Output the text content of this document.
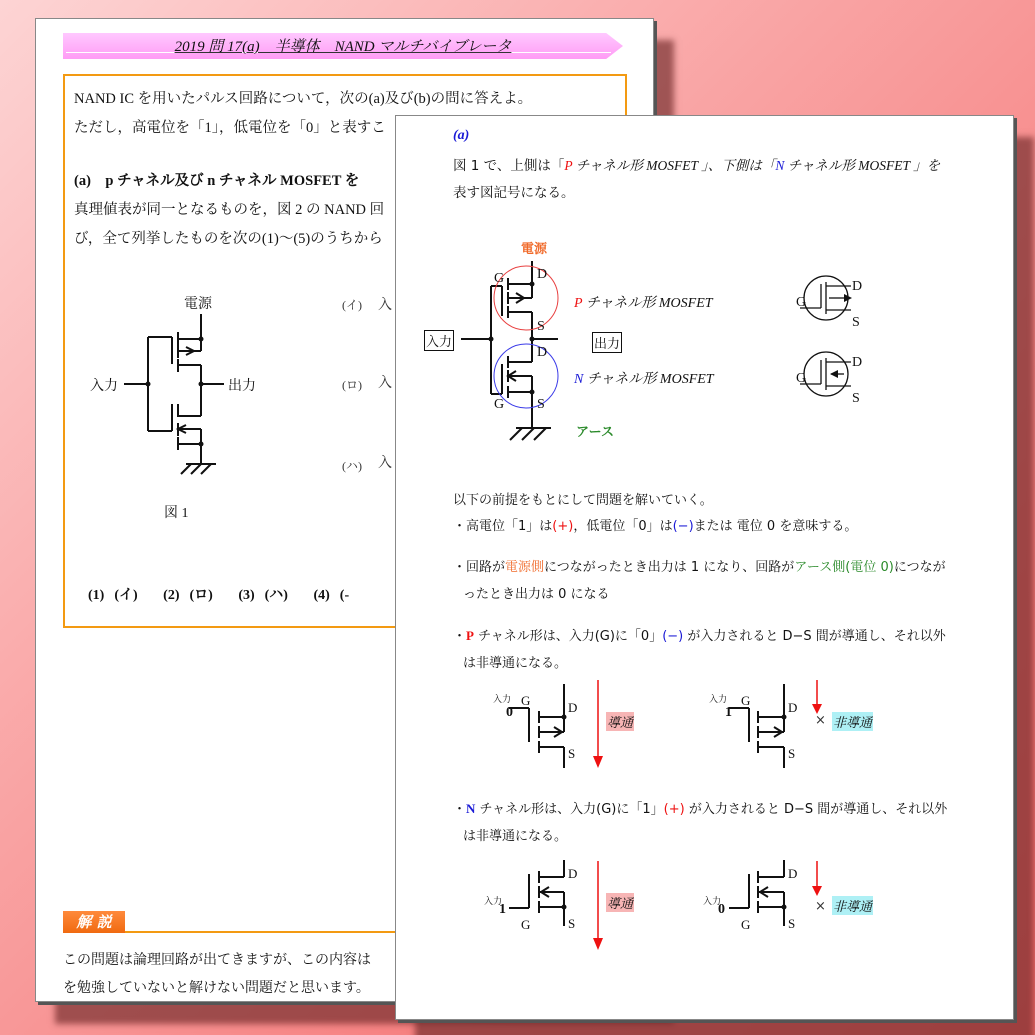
2019 問 17(a)　半導体　NAND マルチバイブレータ
NAND IC を用いたパルス回路について，次の(a)及び(b)の問に答えよ。
ただし，高電位を「1」，低電位を「0」と表すこ
(a)　p チャネル及び n チャネル MOSFET を
真理値表が同一となるものを，図 2 の NAND 回
び，全て列挙したものを次の(1)〜(5)のうちから
電源
入力	出力
図 1
(イ) 入
(ロ) 入
(ハ) 入
(1) (イ) (2) (ロ) (3) (ハ) (4) (-
解 説
この問題は論理回路が出てきますが、この内容は
を勉強していないと解けない問題だと思います。
(a)
図 1 で、上側は「P チャネル形 MOSFET 」、下側は「N チャネル形 MOSFET 」を
表す図記号になる。
D
S
G
D
S
G
G D
S
D
G S
電源
入力	出力
アース
P チャネル形 MOSFET
N チャネル形 MOSFET
以下の前提をもとにして問題を解いていく。
・高電位「1」は(+)，低電位「0」は(−)または 電位 0 を意味する。
・回路が電源側につながったとき出力は 1 になり、回路がアース側(電位 0)につなが
ったとき出力は 0 になる
・P チャネル形は、入力(G)に「0」(−) が入力されると D−S 間が導通し、それ以外
は非導通になる。
D
S
G	D
S
G
D
S
G
D
S
G
0	1
1	0
入力	入力
導通	× 非導通
・N チャネル形は、入力(G)に「1」(+) が入力されると D−S 間が導通し、それ以外
は非導通になる。
入力	入力
導通	× 非導通
